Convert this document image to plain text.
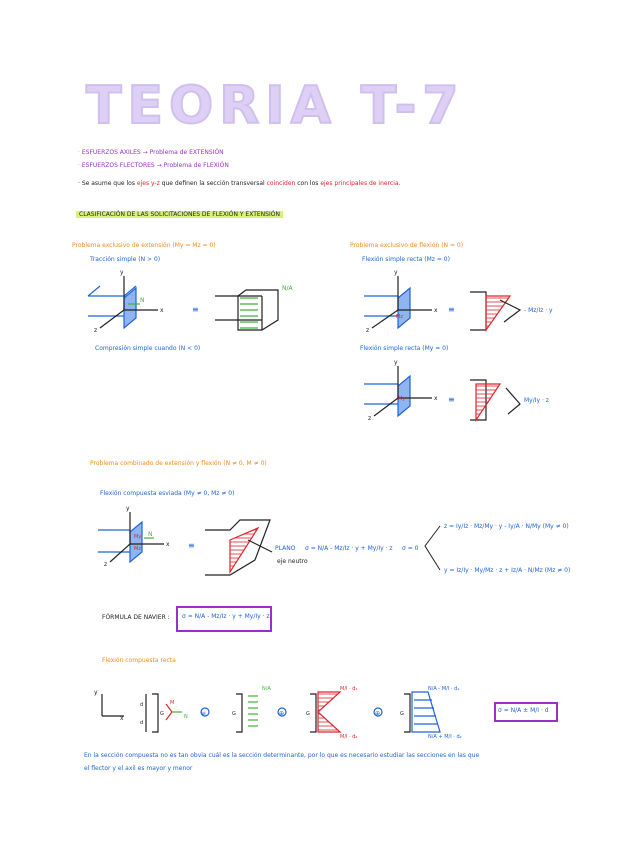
TEORIA T-7
· ESFUERZOS AXILES → Problema de EXTENSIÓN
· ESFUERZOS FLECTORES → Problema de FLEXIÓN
· Se asume que los ejes y-z que definen la sección transversal coinciden con los ejes principales de inercia.
CLASIFICACIÓN DE LAS SOLICITACIONES DE FLEXIÓN Y EXTENSIÓN
Problema exclusivo de extensión (My = Mz = 0)
Tracción simple (N > 0)
Compresión simple cuando (N < 0)
Problema exclusivo de flexión (N = 0)
Flexión simple recta (Mz = 0)
Flexión simple recta (My = 0)
Problema combinado de extensión y flexión (N ≠ 0, M ≠ 0)
Flexión compuesta esviada (My ≠ 0, Mz ≠ 0)
PLANO
eje neutro
σ = N/A - Mz/Iz · y + My/Iy · z σ = 0
z = Iy/Iz · Mz/My · y - Iy/A · N/My (My ≠ 0)
y = Iz/Iy · My/Mz · z + Iz/A · N/Mz (Mz ≠ 0)
FÓRMULA DE NAVIER : σ = N/A - Mz/Iz · y + My/Iy · z
Flexión compuesta recta
σ = N/A ± M/I · d
En la sección compuesta no es tan obvia cuál es la sección determinante, por lo que es necesario estudiar las secciones en las que
el flector y el axil es mayor y menor
y
x
z
N
≡
N/A
y
x
z
Mz
≡	- Mz/Iz · y
y
x
z
My	≡	My/Iy · z
y
x
z
My
Mz
N
≡
y
x
d
d
G
M
N ≡	G
N/A
⊕	G
M/I · d₁
M/I · d₂
⊕	G
N/A - M/I · d₁
N/A + M/I · d₂
